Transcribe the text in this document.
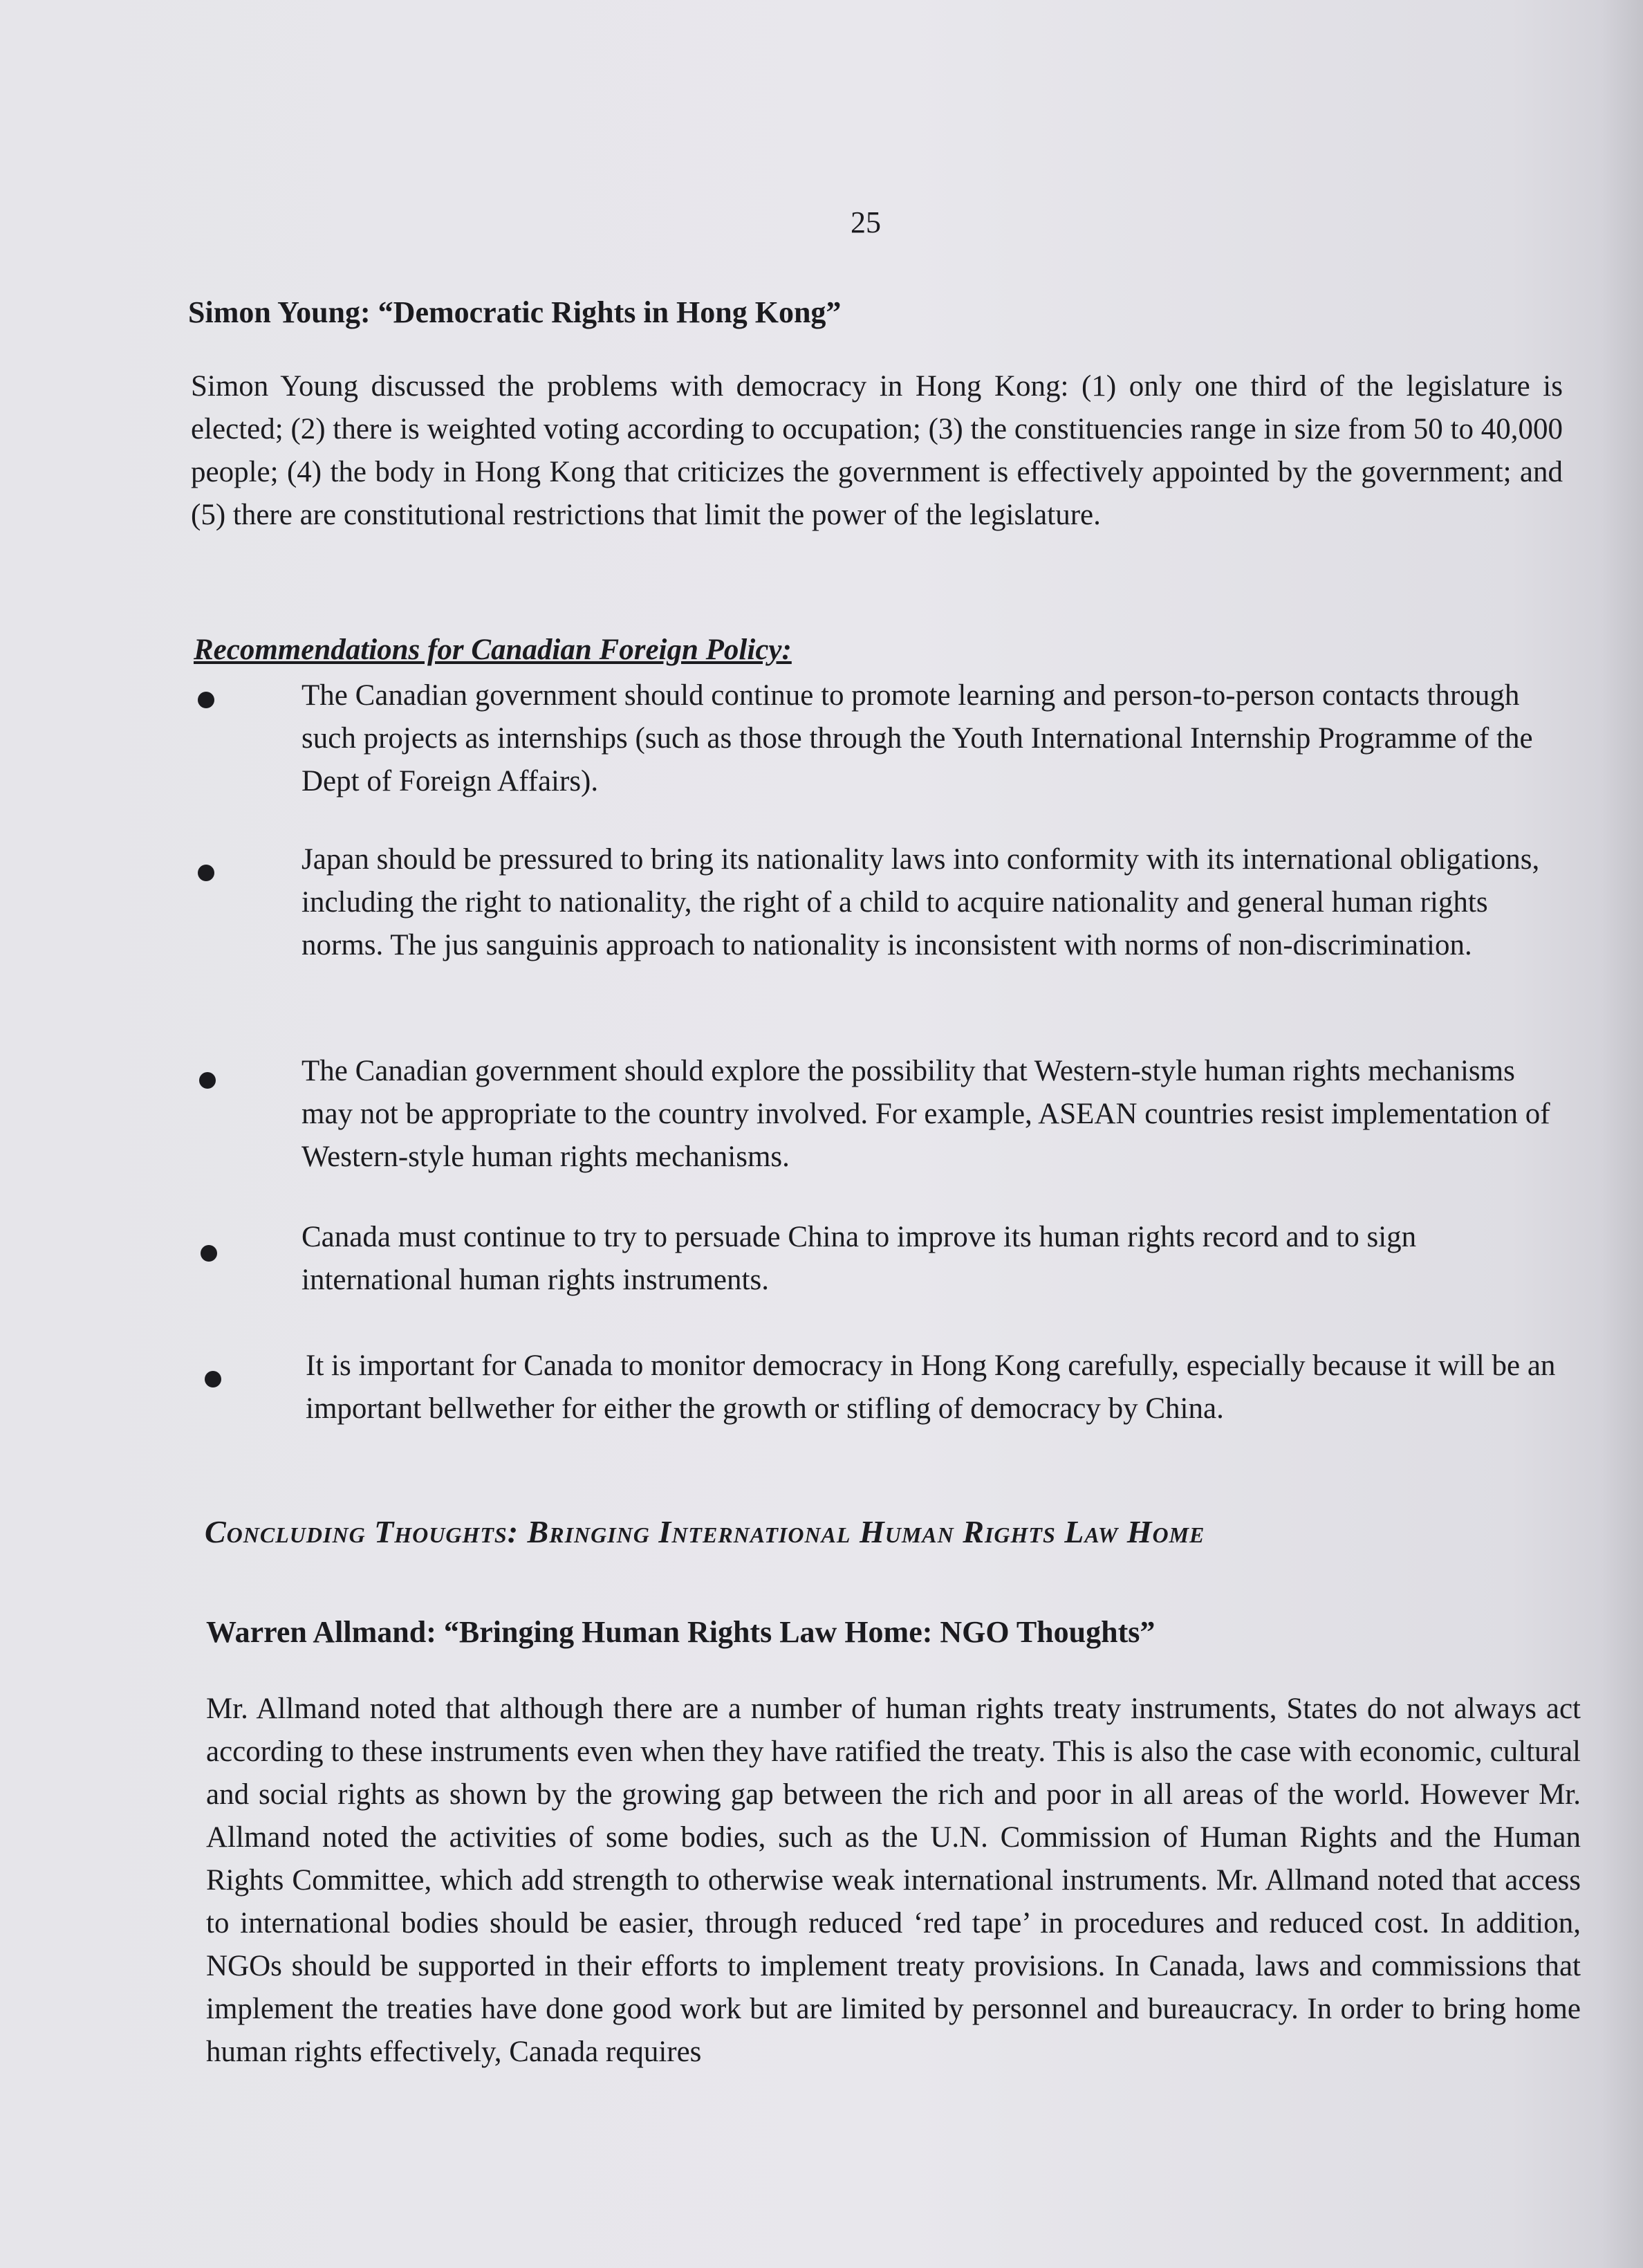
25
Simon Young: “Democratic Rights in Hong Kong”
Simon Young discussed the problems with democracy in Hong Kong: (1) only one third of the legislature is elected; (2) there is weighted voting according to occupation; (3) the constituencies range in size from 50 to 40,000 people; (4) the body in Hong Kong that criticizes the government is effectively appointed by the government; and (5) there are constitutional restrictions that limit the power of the legislature.
Recommendations for Canadian Foreign Policy:
The Canadian government should continue to promote learning and person-to-person contacts through such projects as internships (such as those through the Youth International Internship Programme of the Dept of Foreign Affairs).
Japan should be pressured to bring its nationality laws into conformity with its international obligations, including the right to nationality, the right of a child to acquire nationality and general human rights norms. The jus sanguinis approach to nationality is inconsistent with norms of non-discrimination.
The Canadian government should explore the possibility that Western-style human rights mechanisms may not be appropriate to the country involved. For example, ASEAN countries resist implementation of Western-style human rights mechanisms.
Canada must continue to try to persuade China to improve its human rights record and to sign international human rights instruments.
It is important for Canada to monitor democracy in Hong Kong carefully, especially because it will be an important bellwether for either the growth or stifling of democracy by China.
Concluding Thoughts: Bringing International Human Rights Law Home
Warren Allmand: “Bringing Human Rights Law Home: NGO Thoughts”
Mr. Allmand noted that although there are a number of human rights treaty instruments, States do not always act according to these instruments even when they have ratified the treaty. This is also the case with economic, cultural and social rights as shown by the growing gap between the rich and poor in all areas of the world. However Mr. Allmand noted the activities of some bodies, such as the U.N. Commission of Human Rights and the Human Rights Committee, which add strength to otherwise weak international instruments. Mr. Allmand noted that access to international bodies should be easier, through reduced ‘red tape’ in procedures and reduced cost. In addition, NGOs should be supported in their efforts to implement treaty provisions. In Canada, laws and commissions that implement the treaties have done good work but are limited by personnel and bureaucracy. In order to bring home human rights effectively, Canada requires
